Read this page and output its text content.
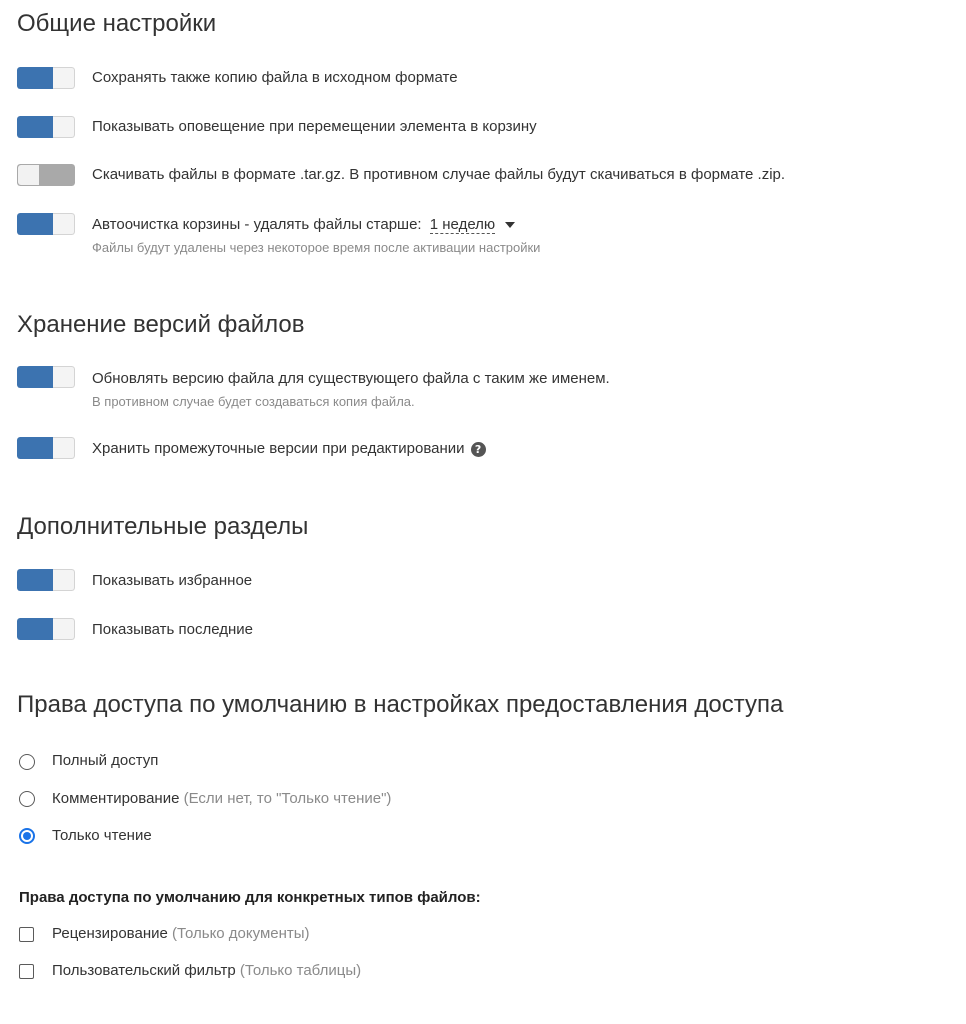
Общие настройки
Сохранять также копию файла в исходном формате
Показывать оповещение при перемещении элемента в корзину
Скачивать файлы в формате .tar.gz. В противном случае файлы будут скачиваться в формате .zip.
Автоочистка корзины - удалять файлы старше: 1 неделю
Файлы будут удалены через некоторое время после активации настройки
Хранение версий файлов
Обновлять версию файла для существующего файла с таким же именем.
В противном случае будет создаваться копия файла.
Хранить промежуточные версии при редактировании ?
Дополнительные разделы
Показывать избранное
Показывать последние
Права доступа по умолчанию в настройках предоставления доступа
Полный доступ
Комментирование (Если нет, то "Только чтение")
Только чтение
Права доступа по умолчанию для конкретных типов файлов:
Рецензирование (Только документы)
Пользовательский фильтр (Только таблицы)
